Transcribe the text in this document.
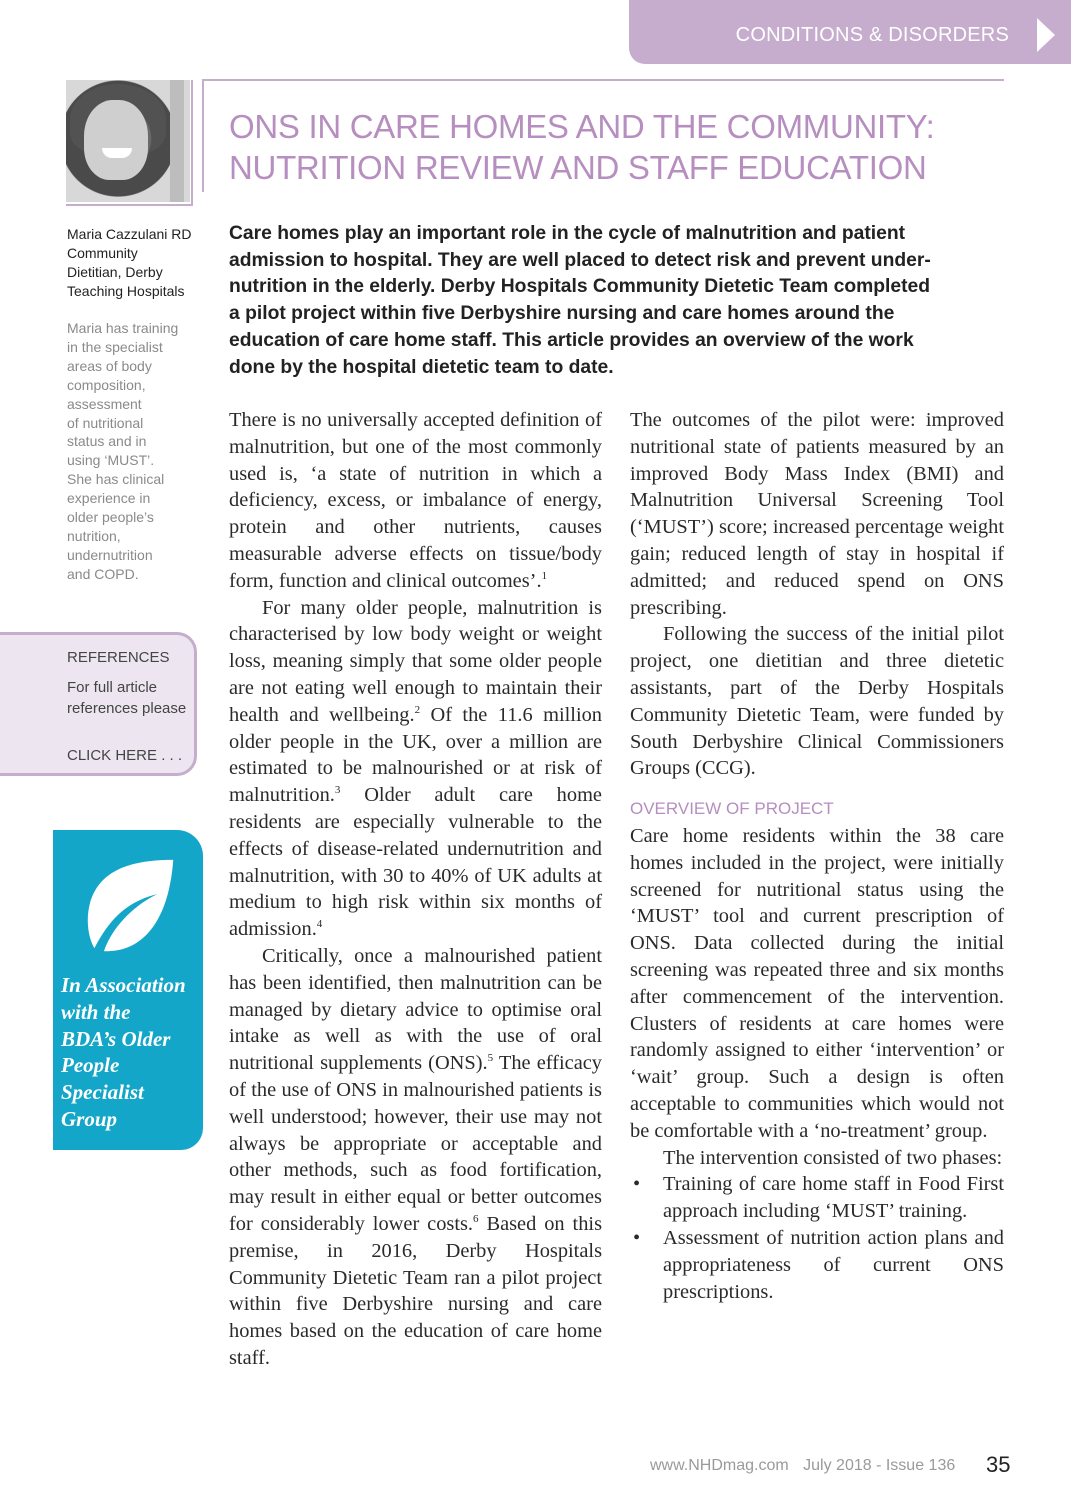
CONDITIONS & DISORDERS
ONS IN CARE HOMES AND THE COMMUNITY:
NUTRITION REVIEW AND STAFF EDUCATION
Maria Cazzulani RD
Community
Dietitian, Derby
Teaching Hospitals
Maria has training
in the specialist
areas of body
composition,
assessment
of nutritional
status and in
using ‘MUST’.
She has clinical
experience in
older people’s
nutrition,
undernutrition
and COPD.
REFERENCES
For full article references please
CLICK HERE . . .
In Association
with the
BDA’s Older
People
Specialist
Group
Care homes play an important role in the cycle of malnutrition and patient
admission to hospital. They are well placed to detect risk and prevent under-
nutrition in the elderly. Derby Hospitals Community Dietetic Team completed
a pilot project within five Derbyshire nursing and care homes around the
education of care home staff. This article provides an overview of the work
done by the hospital dietetic team to date.

There is no universally accepted definition of malnutrition, but one of the most commonly used is, ‘a state of nutrition in which a deficiency, excess, or imbalance of energy, protein and other nutrients, causes measurable adverse effects on tissue/body form, function and clinical outcomes’.$^1$

For many older people, malnutrition is characterised by low body weight or weight loss, meaning simply that some older people are not eating well enough to maintain their health and wellbeing.$^2$ Of the 11.6 million older people in the UK, over a million are estimated to be malnourished or at risk of malnutrition.$^3$ Older adult care home residents are especially vulnerable to the effects of disease-related undernutrition and malnutrition, with 30 to 40% of UK adults at medium to high risk within six months of admission.$^4$

Critically, once a malnourished patient has been identified, then malnutrition can be managed by dietary advice to optimise oral intake as well as with the use of oral nutritional supplements (ONS).$^5$ The efficacy of the use of ONS in malnourished patients is well understood; however, their use may not always be appropriate or acceptable and other methods, such as food fortification, may result in either equal or better outcomes for considerably lower costs.$^6$ Based on this premise, in 2016, Derby Hospitals Community Dietetic Team ran a pilot project within five Derbyshire nursing and care homes based on the education of care home staff.

The outcomes of the pilot were: improved nutritional state of patients measured by an improved Body Mass Index (BMI) and Malnutrition Universal Screening Tool (‘MUST’) score; increased percentage weight gain; reduced length of stay in hospital if admitted; and reduced spend on ONS prescribing.

Following the success of the initial pilot project, one dietitian and three dietetic assistants, part of the Derby Hospitals Community Dietetic Team, were funded by South Derbyshire Clinical Commissioners Groups (CCG).

OVERVIEW OF PROJECT

Care home residents within the 38 care homes included in the project, were initially screened for nutritional status using the ‘MUST’ tool and current prescription of ONS. Data collected during the initial screening was repeated three and six months after commencement of the intervention. Clusters of residents at care homes were randomly assigned to either ‘intervention’ or ‘wait’ group. Such a design is often acceptable to communities which would not be comfortable with a ‘no-treatment’ group.

The intervention consisted of two phases:

• Training of care home staff in Food First approach including ‘MUST’ training.
• Assessment of nutrition action plans and appropriateness of current ONS prescriptions.
www.NHDmag.com July 2018 - Issue 136 35
